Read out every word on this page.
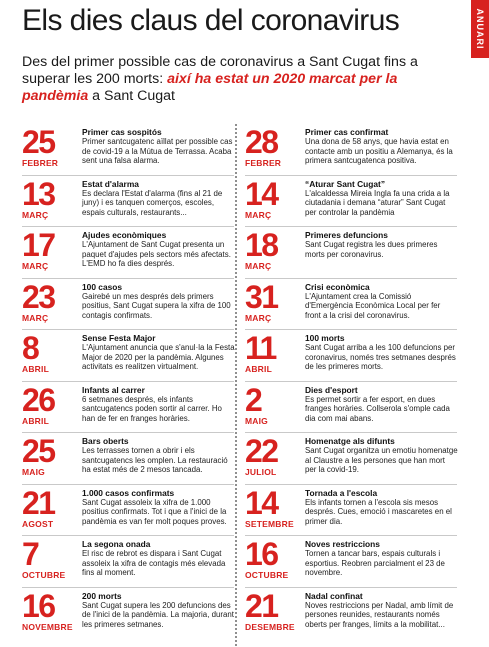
ANUARI
Els dies claus del coronavirus

Des del primer possible cas de coronavirus a Sant Cugat fins a superar les 200 morts: així ha estat un 2020 marcat per la pandèmia a Sant Cugat

25
FEBRER
Primer cas sospitós
Primer santcugatenc aïllat per possible cas de covid-19 a la Mútua de Terrassa. Acaba sent una falsa alarma.
13
MARÇ
Estat d'alarma
Es declara l'Estat d'alarma (fins al 21 de juny) i es tanquen comerços, escoles, espais culturals, restaurants...
17
MARÇ
Ajudes econòmiques
L'Ajuntament de Sant Cugat presenta un paquet d'ajudes pels sectors més afectats. L'EMD ho fa dies després.
23
MARÇ
100 casos
Gairebé un mes després dels primers positius, Sant Cugat supera la xifra de 100 contagis confirmats.
8
ABRIL
Sense Festa Major
L'Ajuntament anuncia que s'anul·la la Festa Major de 2020 per la pandèmia. Algunes activitats es realitzen virtualment.
26
ABRIL
Infants al carrer
6 setmanes després, els infants santcugatencs poden sortir al carrer. Ho han de fer en franges horàries.
25
MAIG
Bars oberts
Les terrasses tornen a obrir i els santcugatencs les omplen. La restauració ha estat més de 2 mesos tancada.
21
AGOST
1.000 casos confirmats
Sant Cugat assoleix la xifra de 1.000 positius confirmats. Tot i que a l'inici de la pandèmia es van fer molt poques proves.
7
OCTUBRE
La segona onada
El risc de rebrot es dispara i Sant Cugat assoleix la xifra de contagis més elevada fins al moment.
16
NOVEMBRE
200 morts
Sant Cugat supera les 200 defuncions des de l'inici de la pandèmia. La majoria, durant les primeres setmanes.
28
FEBRER
Primer cas confirmat
Una dona de 58 anys, que havia estat en contacte amb un positiu a Alemanya, és la primera santcugatenca positiva.
14
MARÇ
“Aturar Sant Cugat”
L'alcaldessa Mireia Ingla fa una crida a la ciutadania i demana “aturar” Sant Cugat per controlar la pandèmia
18
MARÇ
Primeres defuncions
Sant Cugat registra les dues primeres morts per coronavirus.
31
MARÇ
Crisi econòmica
L'Ajuntament crea la Comissió d'Emergència Econòmica Local per fer front a la crisi del coronavirus.
11
ABRIL
100 morts
Sant Cugat arriba a les 100 defuncions per coronavirus, només tres setmanes després de les primeres morts.
2
MAIG
Dies d'esport
Es permet sortir a fer esport, en dues franges horàries. Collserola s'omple cada dia com mai abans.
22
JULIOL
Homenatge als difunts
Sant Cugat organitza un emotiu homenatge al Claustre a les persones que han mort per la covid-19.
14
SETEMBRE
Tornada a l'escola
Els infants tornen a l'escola sis mesos després. Cues, emoció i mascaretes en el primer dia.
16
OCTUBRE
Noves restriccions
Tornen a tancar bars, espais culturals i esportius. Reobren parcialment el 23 de novembre.
21
DESEMBRE
Nadal confinat
Noves restriccions per Nadal, amb límit de persones reunides, restaurants només oberts per franges, límits a la mobilitat...
